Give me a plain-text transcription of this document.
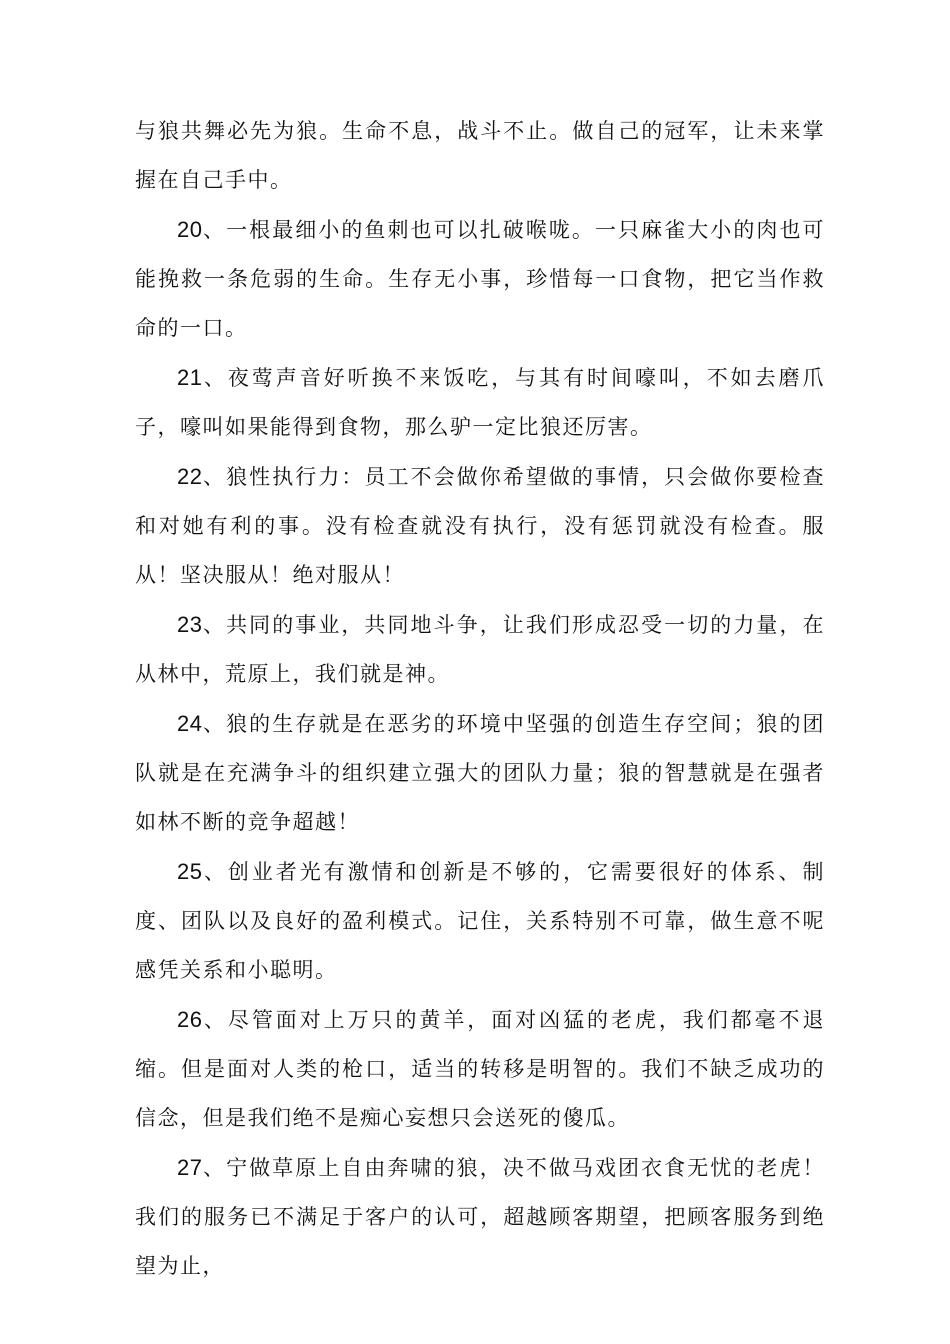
与狼共舞必先为狼。生命不息，战斗不止。做自己的冠军，让未来掌握在自己手中。

20、一根最细小的鱼刺也可以扎破喉咙。一只麻雀大小的肉也可能挽救一条危弱的生命。生存无小事，珍惜每一口食物，把它当作救命的一口。

21、夜莺声音好听换不来饭吃，与其有时间嚎叫，不如去磨爪子，嚎叫如果能得到食物，那么驴一定比狼还厉害。

22、狼性执行力：员工不会做你希望做的事情，只会做你要检查和对她有利的事。没有检查就没有执行，没有惩罚就没有检查。服从！坚决服从！绝对服从！

23、共同的事业，共同地斗争，让我们形成忍受一切的力量，在从林中，荒原上，我们就是神。

24、狼的生存就是在恶劣的环境中坚强的创造生存空间；狼的团队就是在充满争斗的组织建立强大的团队力量；狼的智慧就是在强者如林不断的竞争超越！

25、创业者光有激情和创新是不够的，它需要很好的体系、制度、团队以及良好的盈利模式。记住，关系特别不可靠，做生意不呢感凭关系和小聪明。

26、尽管面对上万只的黄羊，面对凶猛的老虎，我们都毫不退缩。但是面对人类的枪口，适当的转移是明智的。我们不缺乏成功的信念，但是我们绝不是痴心妄想只会送死的傻瓜。

27、宁做草原上自由奔啸的狼，决不做马戏团衣食无忧的老虎！我们的服务已不满足于客户的认可，超越顾客期望，把顾客服务到绝望为止，
